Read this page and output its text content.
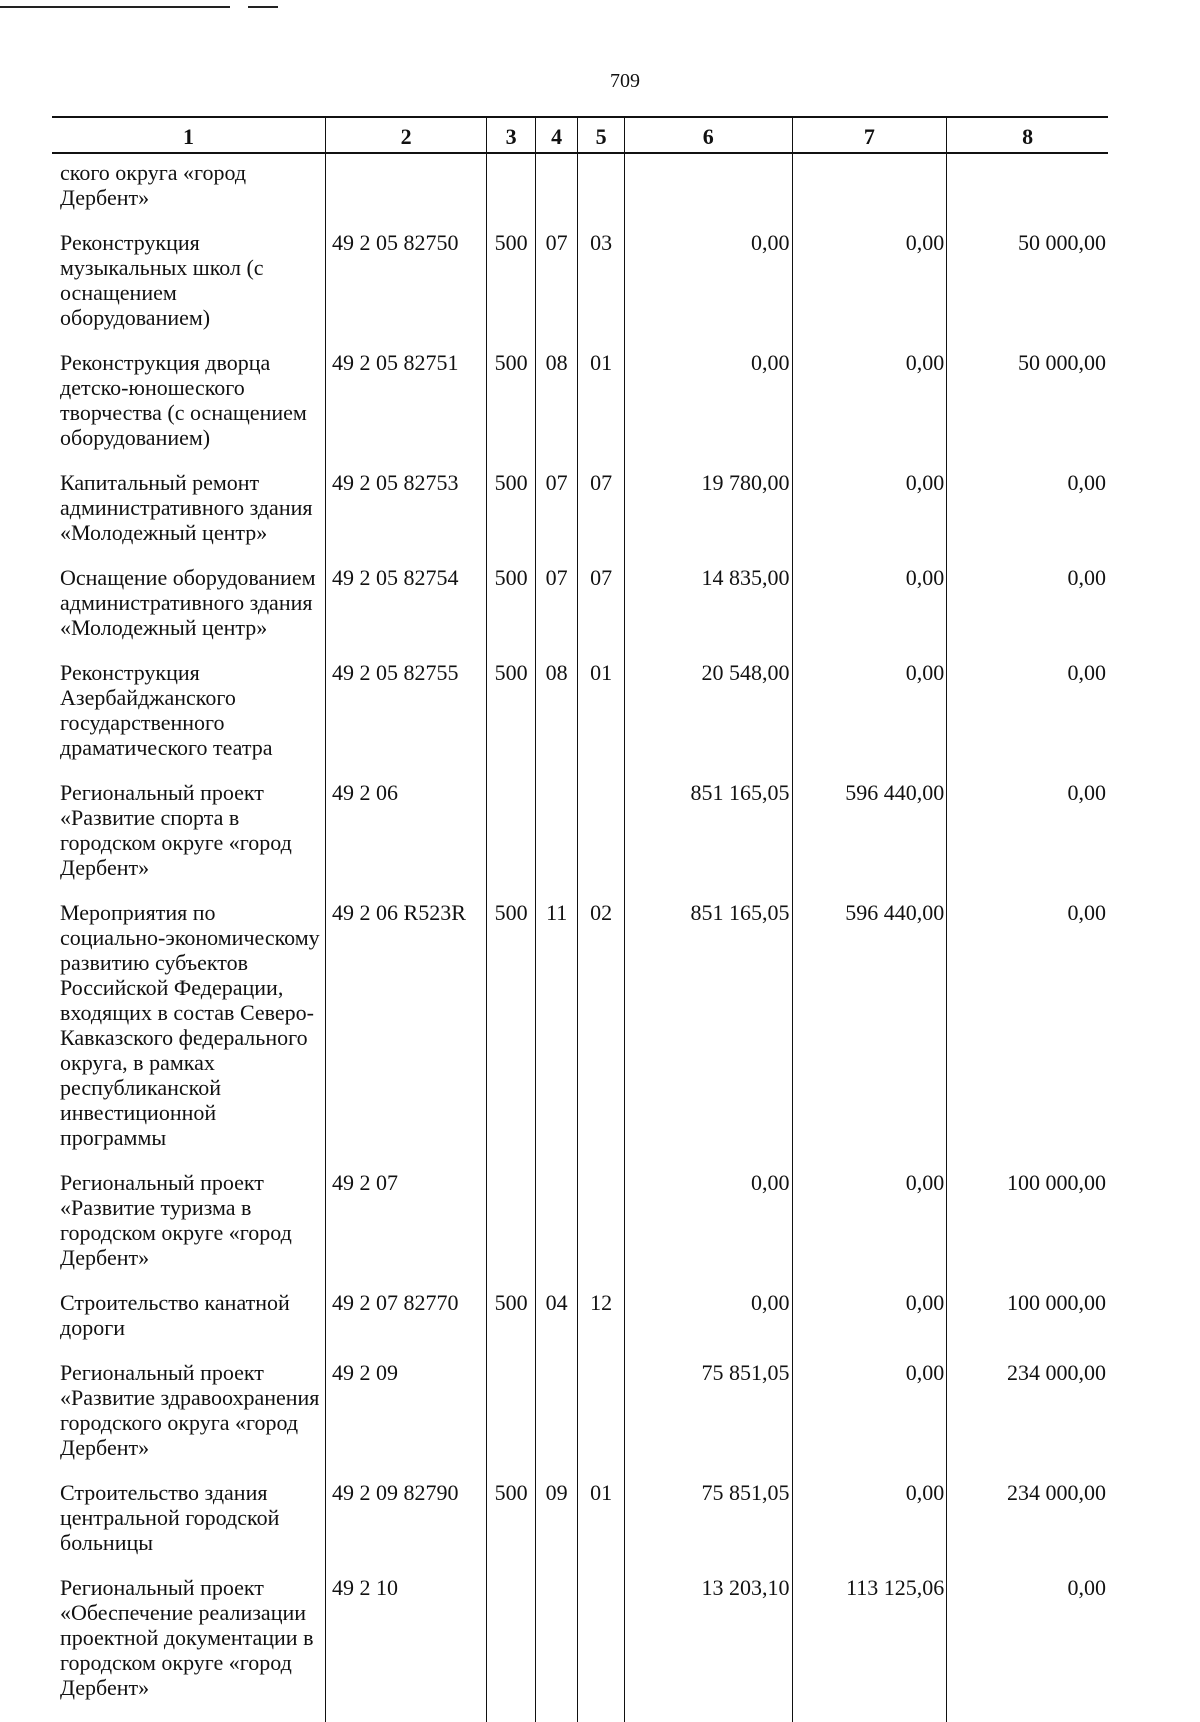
709
1	2	3	4	5	6	7	8
ского округа «город Дербент»							
Реконструкция музыкальных школ (с оснащением оборудованием)	49 2 05 82750	500	07	03	0,00	0,00	50 000,00
Реконструкция дворца детско-юношеского творчества (с оснащением оборудованием)	49 2 05 82751	500	08	01	0,00	0,00	50 000,00
Капитальный ремонт административного здания «Молодежный центр»	49 2 05 82753	500	07	07	19 780,00	0,00	0,00
Оснащение оборудованием административного здания «Молодежный центр»	49 2 05 82754	500	07	07	14 835,00	0,00	0,00
Реконструкция Азербайджанского государственного драматического театра	49 2 05 82755	500	08	01	20 548,00	0,00	0,00
Региональный проект «Развитие спорта в городском округе «город Дербент»	49 2 06				851 165,05	596 440,00	0,00
Мероприятия по социально-экономическому развитию субъектов Российской Федерации, входящих в состав Северо-Кавказского федерального округа, в рамках республиканской инвестиционной программы	49 2 06 R523R	500	11	02	851 165,05	596 440,00	0,00
Региональный проект «Развитие туризма в городском округе «город Дербент»	49 2 07				0,00	0,00	100 000,00
Строительство канатной дороги	49 2 07 82770	500	04	12	0,00	0,00	100 000,00
Региональный проект «Развитие здравоохранения городского округа «город Дербент»	49 2 09				75 851,05	0,00	234 000,00
Строительство здания центральной городской больницы	49 2 09 82790	500	09	01	75 851,05	0,00	234 000,00
Региональный проект «Обеспечение реализации проектной документации в городском округе «город Дербент»	49 2 10				13 203,10	113 125,06	0,00
